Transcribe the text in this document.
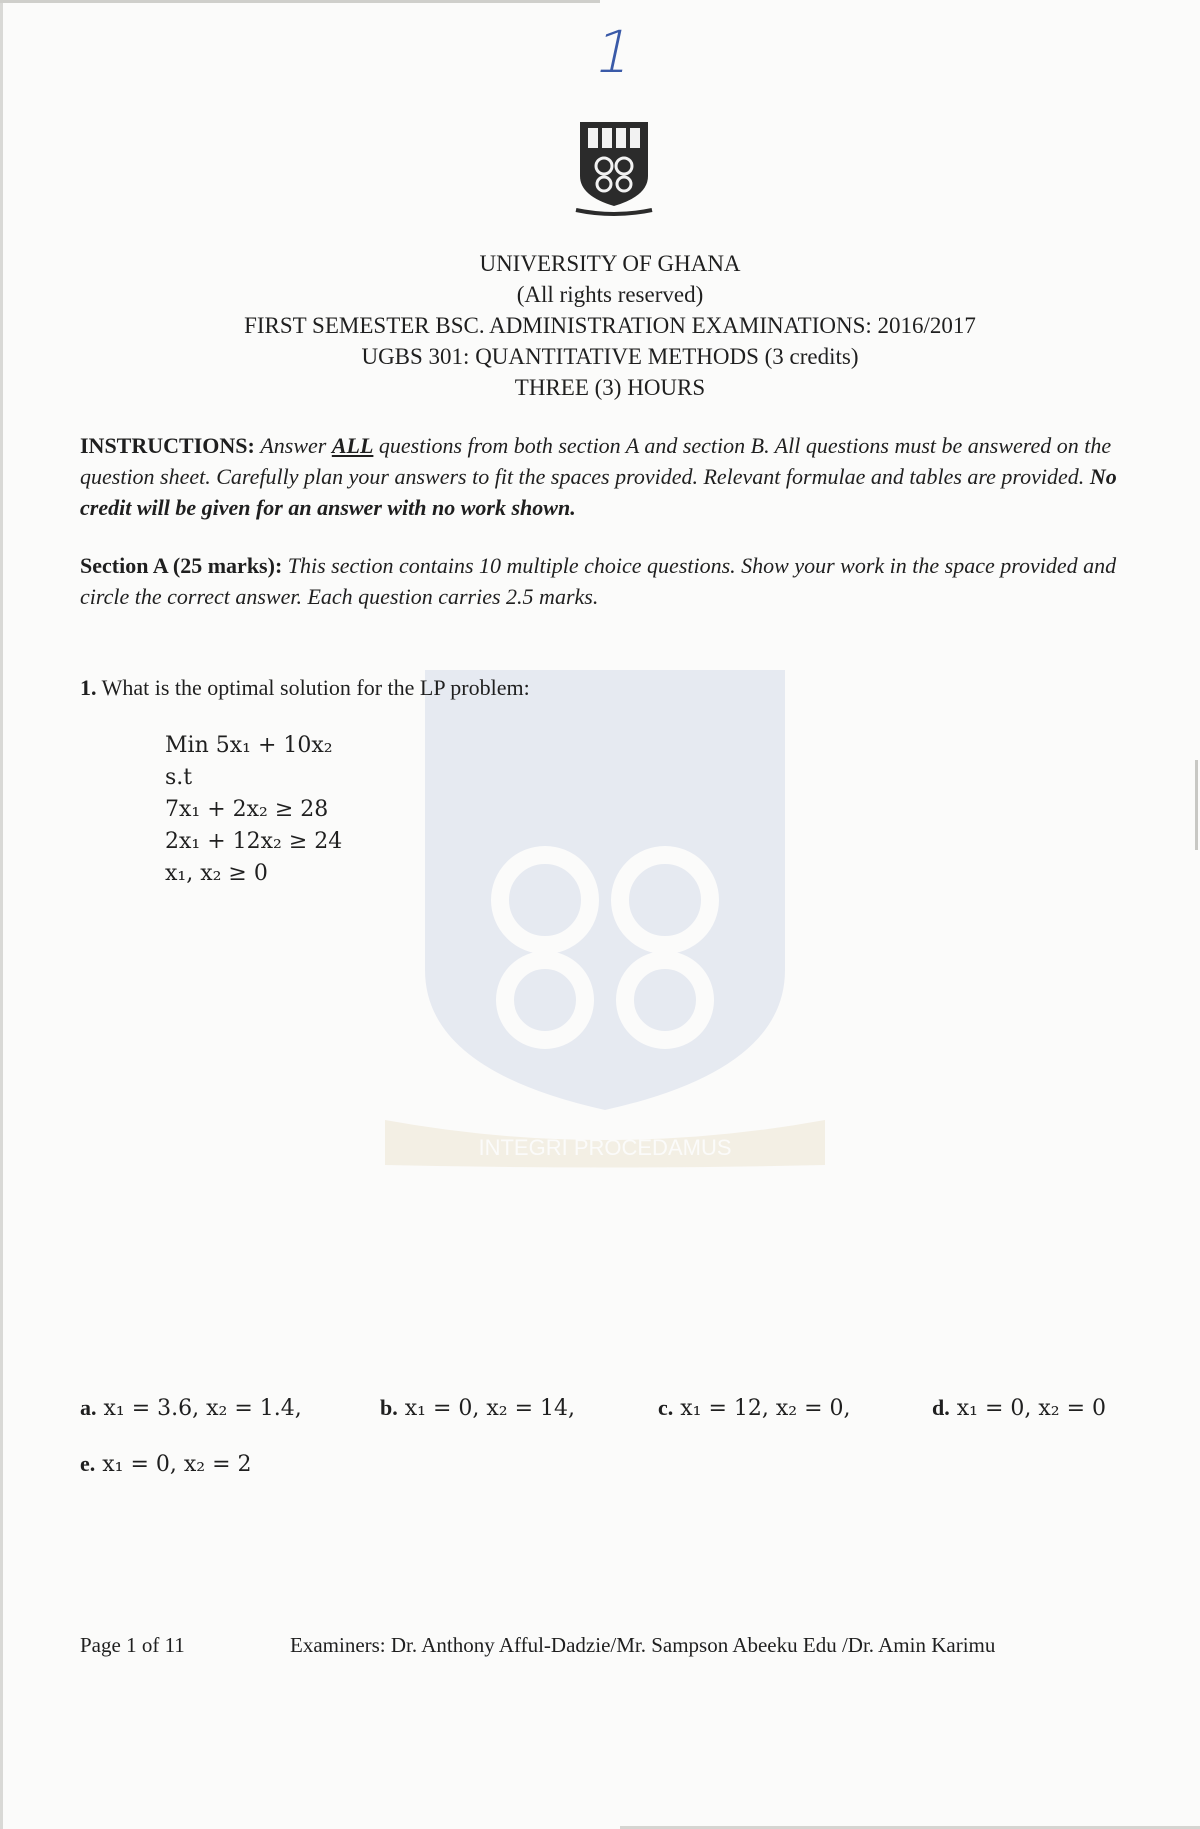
1
UNIVERSITY OF GHANA
(All rights reserved)
FIRST SEMESTER BSC. ADMINISTRATION EXAMINATIONS: 2016/2017
UGBS 301: QUANTITATIVE METHODS (3 credits)
THREE (3) HOURS
INSTRUCTIONS: Answer ALL questions from both section A and section B. All questions must be answered on the question sheet. Carefully plan your answers to fit the spaces provided. Relevant formulae and tables are provided. No credit will be given for an answer with no work shown.
Section A (25 marks): This section contains 10 multiple choice questions. Show your work in the space provided and circle the correct answer. Each question carries 2.5 marks.
INTEGRI PROCEDAMUS
1. What is the optimal solution for the LP problem:
Min 5x₁ + 10x₂
s.t
7x₁ + 2x₂ ≥ 28
2x₁ + 12x₂ ≥ 24
x₁, x₂ ≥ 0
a. x₁ = 3.6, x₂ = 1.4,	b. x₁ = 0, x₂ = 14,	c. x₁ = 12, x₂ = 0,	d. x₁ = 0, x₂ = 0
e. x₁ = 0, x₂ = 2
Page 1 of 11	Examiners: Dr. Anthony Afful-Dadzie/Mr. Sampson Abeeku Edu /Dr. Amin Karimu
